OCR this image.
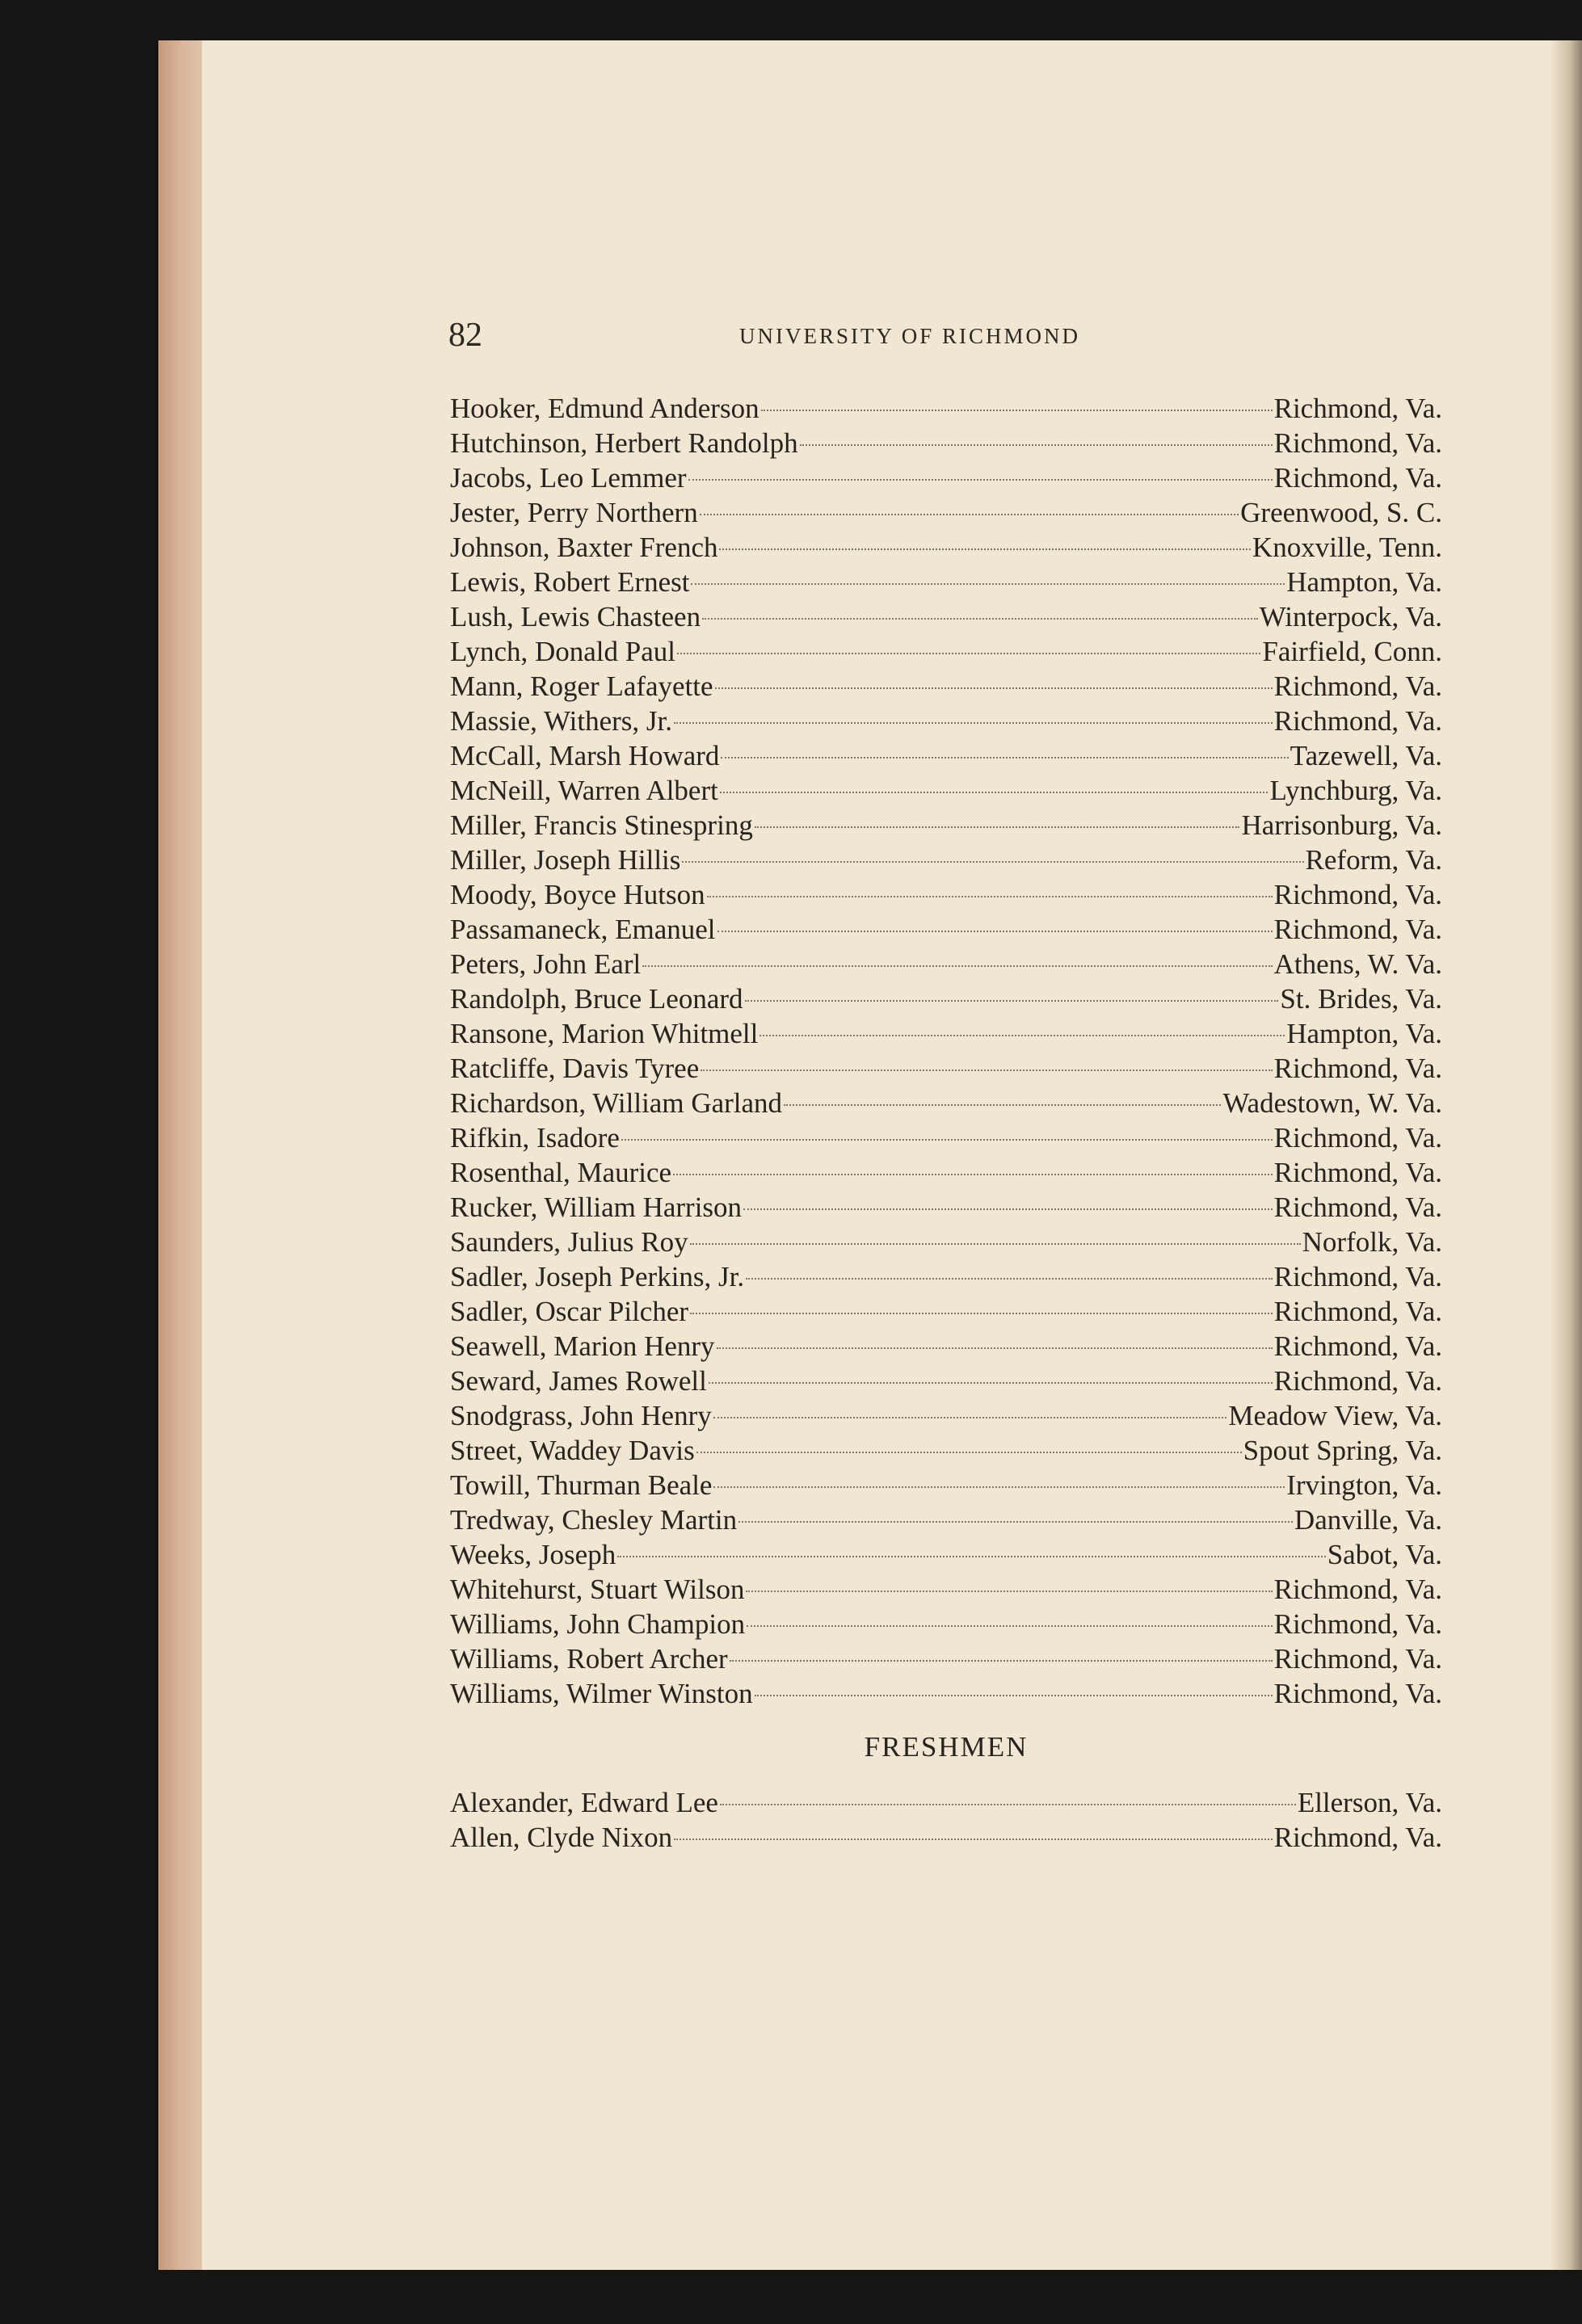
82	UNIVERSITY OF RICHMOND
Hooker, Edmund Anderson	Richmond, Va.
Hutchinson, Herbert Randolph	Richmond, Va.
Jacobs, Leo Lemmer	Richmond, Va.
Jester, Perry Northern	Greenwood, S. C.
Johnson, Baxter French	Knoxville, Tenn.
Lewis, Robert Ernest	Hampton, Va.
Lush, Lewis Chasteen	Winterpock, Va.
Lynch, Donald Paul	Fairfield, Conn.
Mann, Roger Lafayette	Richmond, Va.
Massie, Withers, Jr.	Richmond, Va.
McCall, Marsh Howard	Tazewell, Va.
McNeill, Warren Albert	Lynchburg, Va.
Miller, Francis Stinespring	Harrisonburg, Va.
Miller, Joseph Hillis	Reform, Va.
Moody, Boyce Hutson	Richmond, Va.
Passamaneck, Emanuel	Richmond, Va.
Peters, John Earl	Athens, W. Va.
Randolph, Bruce Leonard	St. Brides, Va.
Ransone, Marion Whitmell	Hampton, Va.
Ratcliffe, Davis Tyree	Richmond, Va.
Richardson, William Garland	Wadestown, W. Va.
Rifkin, Isadore	Richmond, Va.
Rosenthal, Maurice	Richmond, Va.
Rucker, William Harrison	Richmond, Va.
Saunders, Julius Roy	Norfolk, Va.
Sadler, Joseph Perkins, Jr.	Richmond, Va.
Sadler, Oscar Pilcher	Richmond, Va.
Seawell, Marion Henry	Richmond, Va.
Seward, James Rowell	Richmond, Va.
Snodgrass, John Henry	Meadow View, Va.
Street, Waddey Davis	Spout Spring, Va.
Towill, Thurman Beale	Irvington, Va.
Tredway, Chesley Martin	Danville, Va.
Weeks, Joseph	Sabot, Va.
Whitehurst, Stuart Wilson	Richmond, Va.
Williams, John Champion	Richmond, Va.
Williams, Robert Archer	Richmond, Va.
Williams, Wilmer Winston	Richmond, Va.
FRESHMEN
Alexander, Edward Lee	Ellerson, Va.
Allen, Clyde Nixon	Richmond, Va.
